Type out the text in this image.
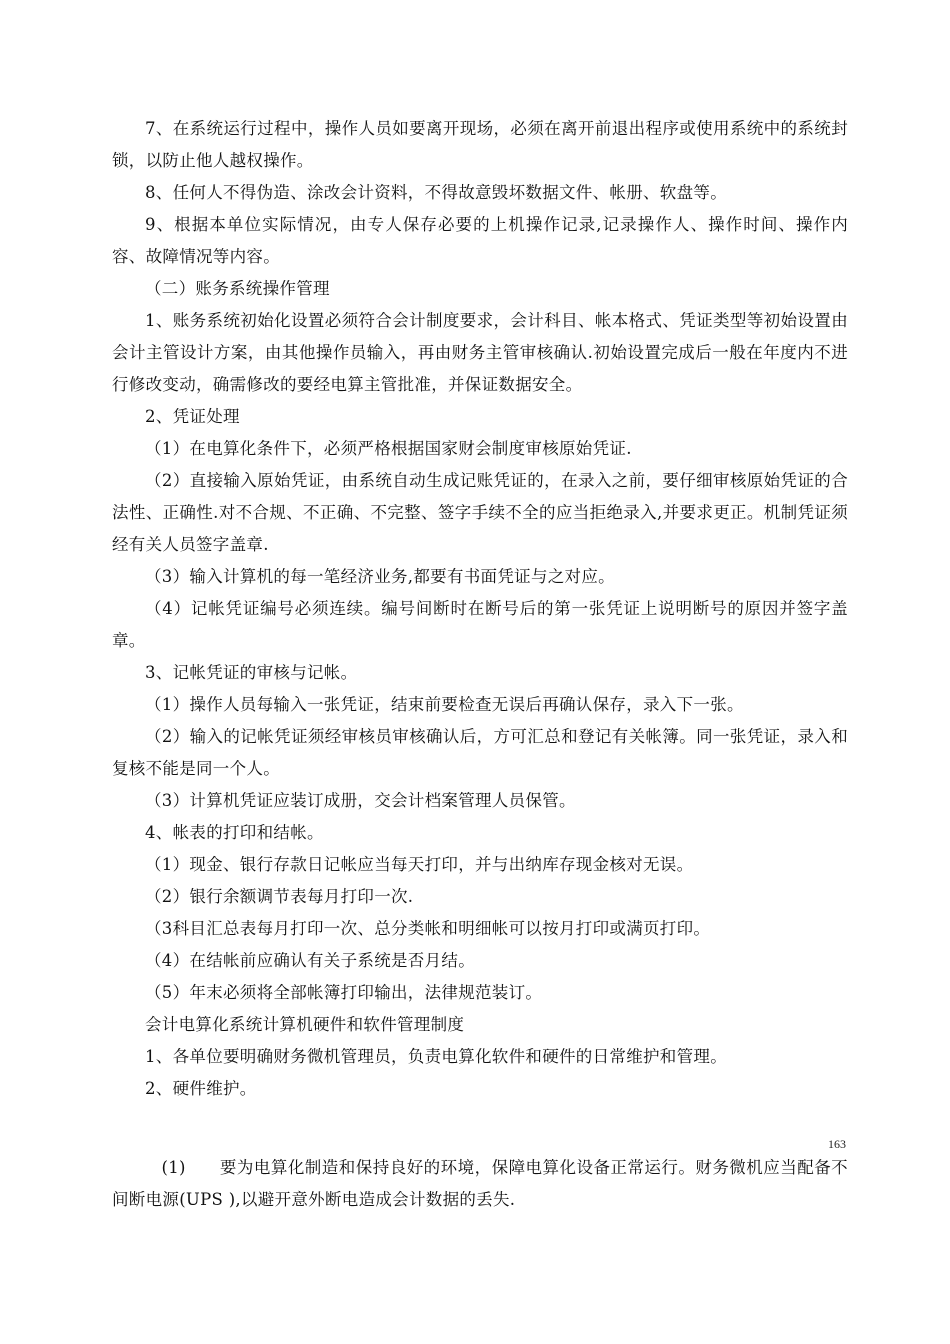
7、在系统运行过程中，操作人员如要离开现场，必须在离开前退出程序或使用系统中的系统封锁，以防止他人越权操作。

8、任何人不得伪造、涂改会计资料，不得故意毁坏数据文件、帐册、软盘等。

9、根据本单位实际情况，由专人保存必要的上机操作记录,记录操作人、操作时间、操作内容、故障情况等内容。

（二）账务系统操作管理

1、账务系统初始化设置必须符合会计制度要求，会计科目、帐本格式、凭证类型等初始设置由会计主管设计方案，由其他操作员输入，再由财务主管审核确认.初始设置完成后一般在年度内不进行修改变动，确需修改的要经电算主管批准，并保证数据安全。

2、凭证处理

（1）在电算化条件下，必须严格根据国家财会制度审核原始凭证.

（2）直接输入原始凭证，由系统自动生成记账凭证的，在录入之前，要仔细审核原始凭证的合法性、正确性.对不合规、不正确、不完整、签字手续不全的应当拒绝录入,并要求更正。机制凭证须经有关人员签字盖章.

（3）输入计算机的每一笔经济业务,都要有书面凭证与之对应。

（4）记帐凭证编号必须连续。编号间断时在断号后的第一张凭证上说明断号的原因并签字盖章。

3、记帐凭证的审核与记帐。

（1）操作人员每输入一张凭证，结束前要检查无误后再确认保存，录入下一张。

（2）输入的记帐凭证须经审核员审核确认后，方可汇总和登记有关帐簿。同一张凭证，录入和复核不能是同一个人。

（3）计算机凭证应装订成册，交会计档案管理人员保管。

4、帐表的打印和结帐。

（1）现金、银行存款日记帐应当每天打印，并与出纳库存现金核对无误。

（2）银行余额调节表每月打印一次.

（3科目汇总表每月打印一次、总分类帐和明细帐可以按月打印或满页打印。

（4）在结帐前应确认有关子系统是否月结。

（5）年末必须将全部帐簿打印输出，法律规范装订。

会计电算化系统计算机硬件和软件管理制度

1、各单位要明确财务微机管理员，负责电算化软件和硬件的日常维护和管理。

2、硬件维护。

163

(1)　　要为电算化制造和保持良好的环境，保障电算化设备正常运行。财务微机应当配备不间断电源(UPS ),以避开意外断电造成会计数据的丢失.
